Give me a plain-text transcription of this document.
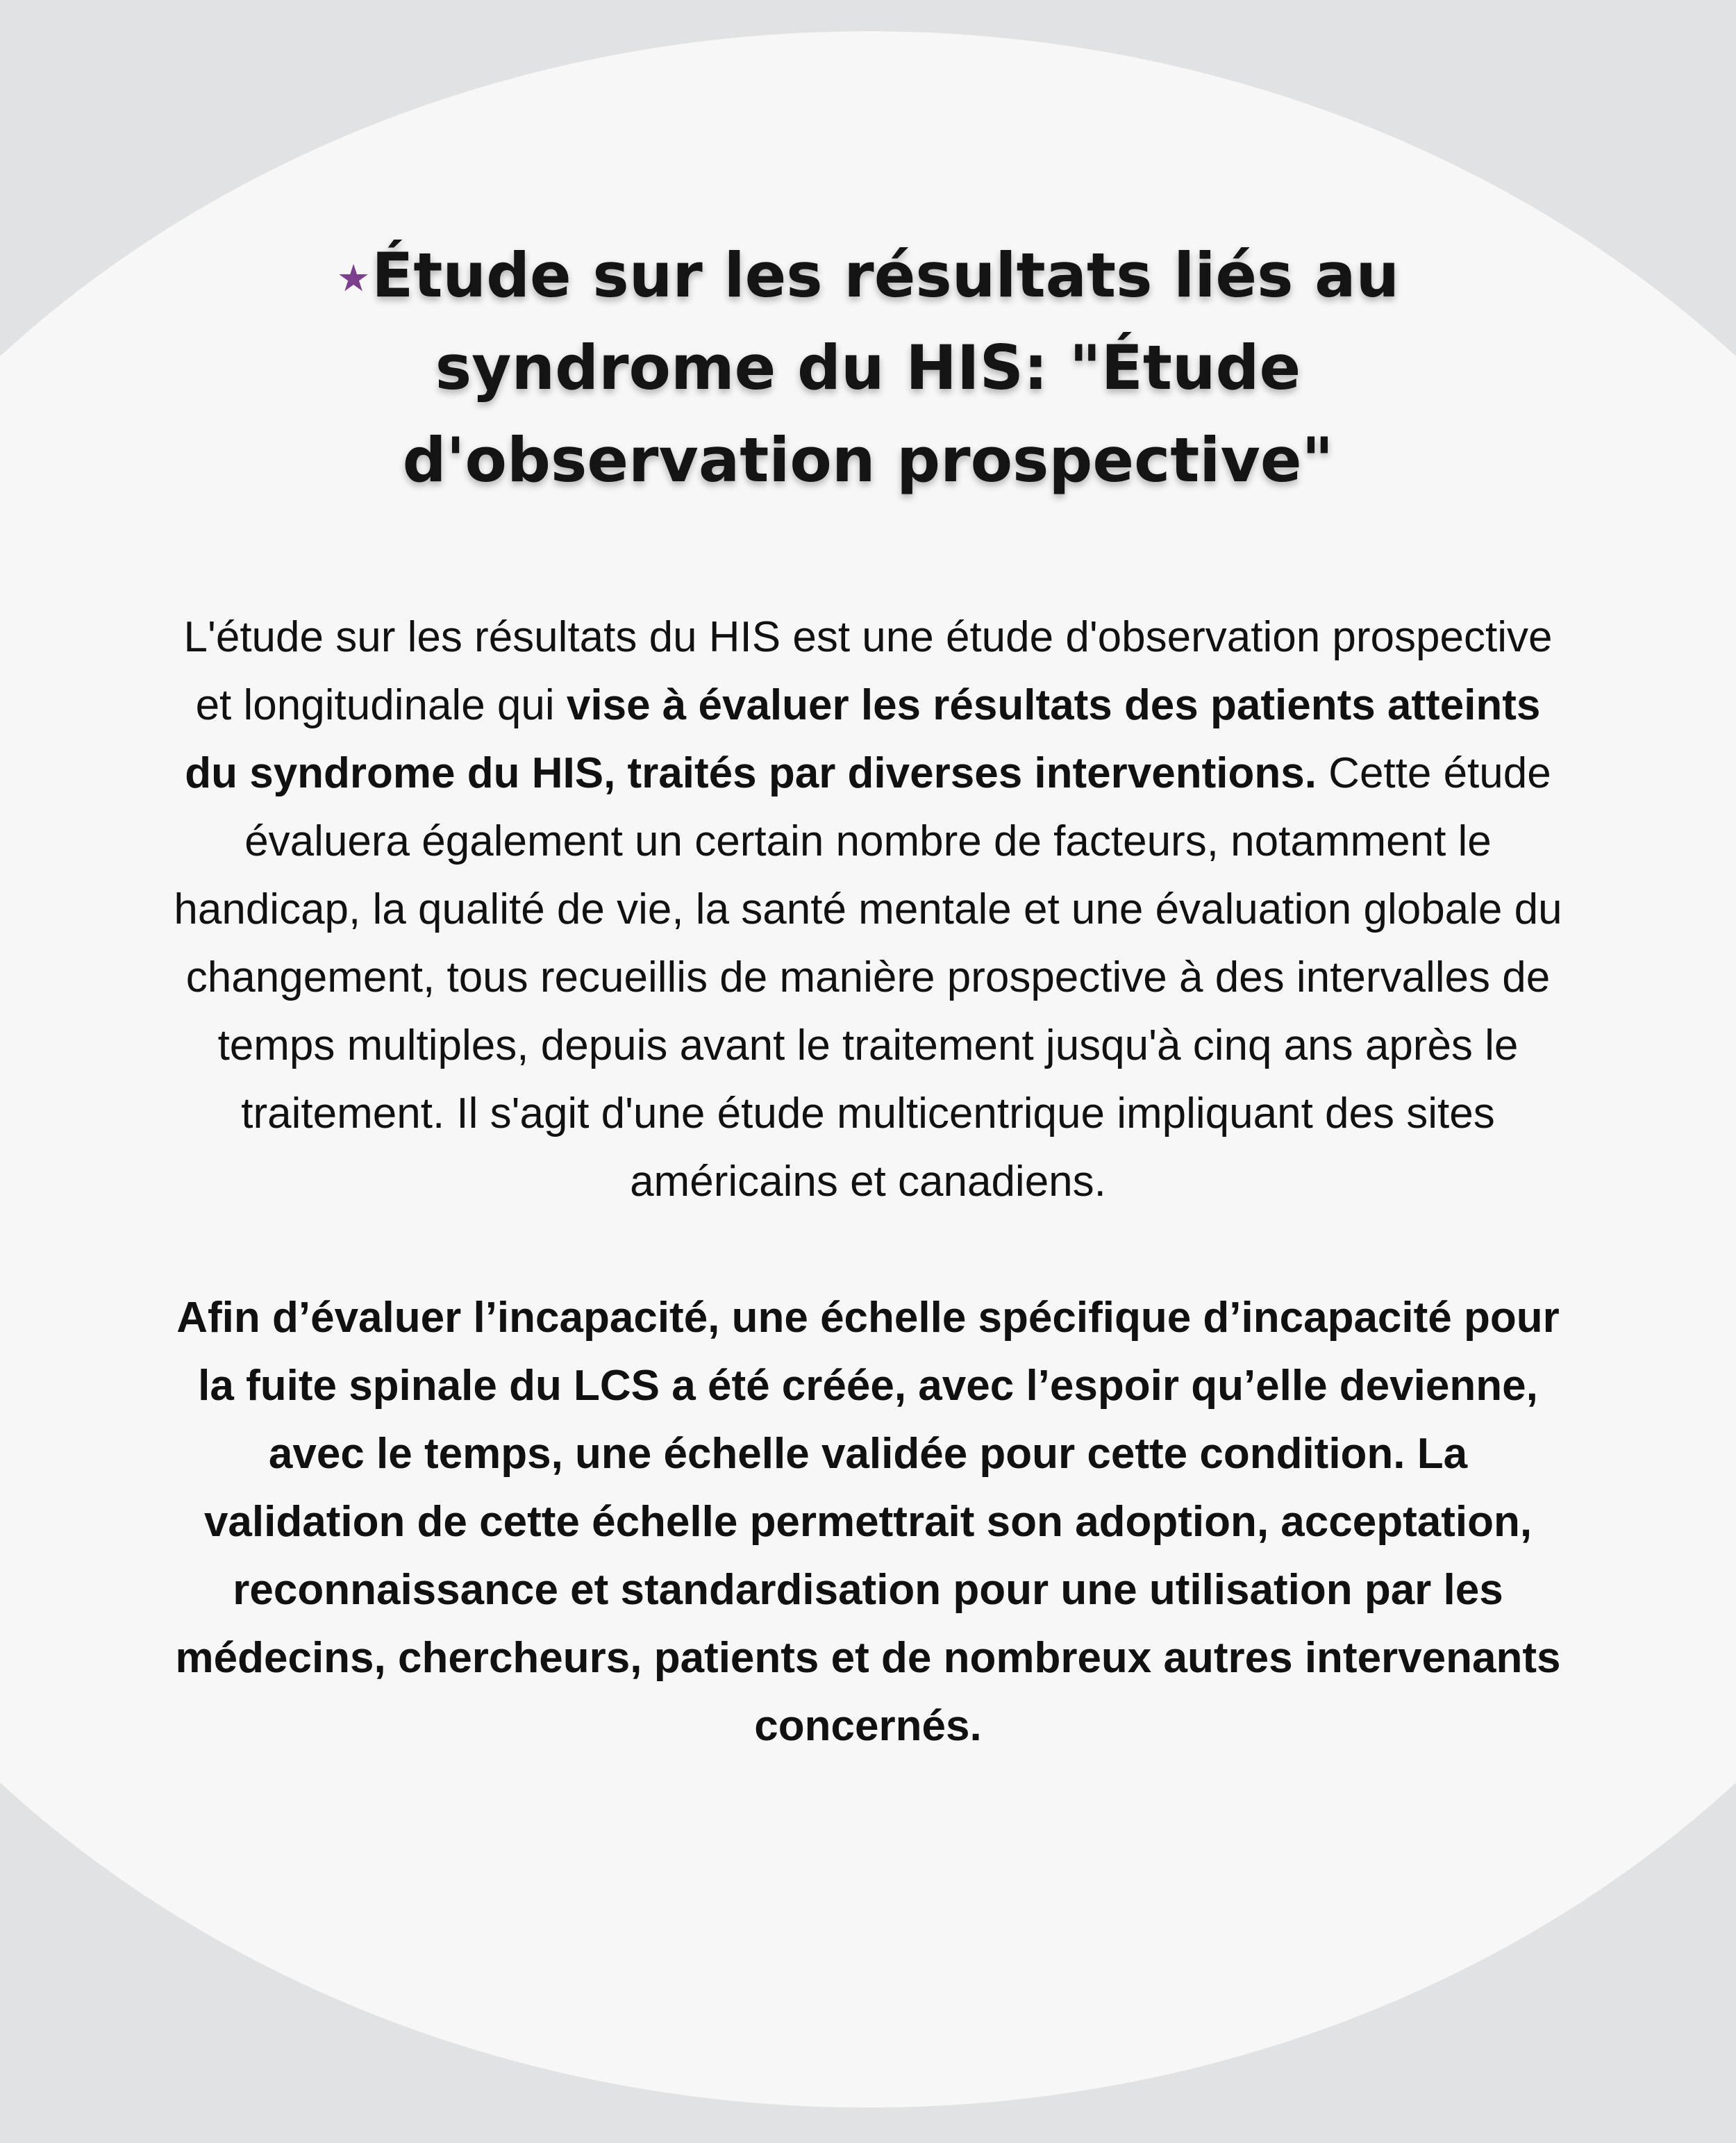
★Étude sur les résultats liés au syndrome du HIS: "Étude d'observation prospective"

L'étude sur les résultats du HIS est une étude d'observation prospective et longitudinale qui vise à évaluer les résultats des patients atteints du syndrome du HIS, traités par diverses interventions. Cette étude évaluera également un certain nombre de facteurs, notamment le handicap, la qualité de vie, la santé mentale et une évaluation globale du changement, tous recueillis de manière prospective à des intervalles de temps multiples, depuis avant le traitement jusqu'à cinq ans après le traitement. Il s'agit d'une étude multicentrique impliquant des sites américains et canadiens.

Afin d’évaluer l’incapacité, une échelle spécifique d’incapacité pour la fuite spinale du LCS a été créée, avec l’espoir qu’elle devienne, avec le temps, une échelle validée pour cette condition. La validation de cette échelle permettrait son adoption, acceptation, reconnaissance et standardisation pour une utilisation par les médecins, chercheurs, patients et de nombreux autres intervenants concernés.
